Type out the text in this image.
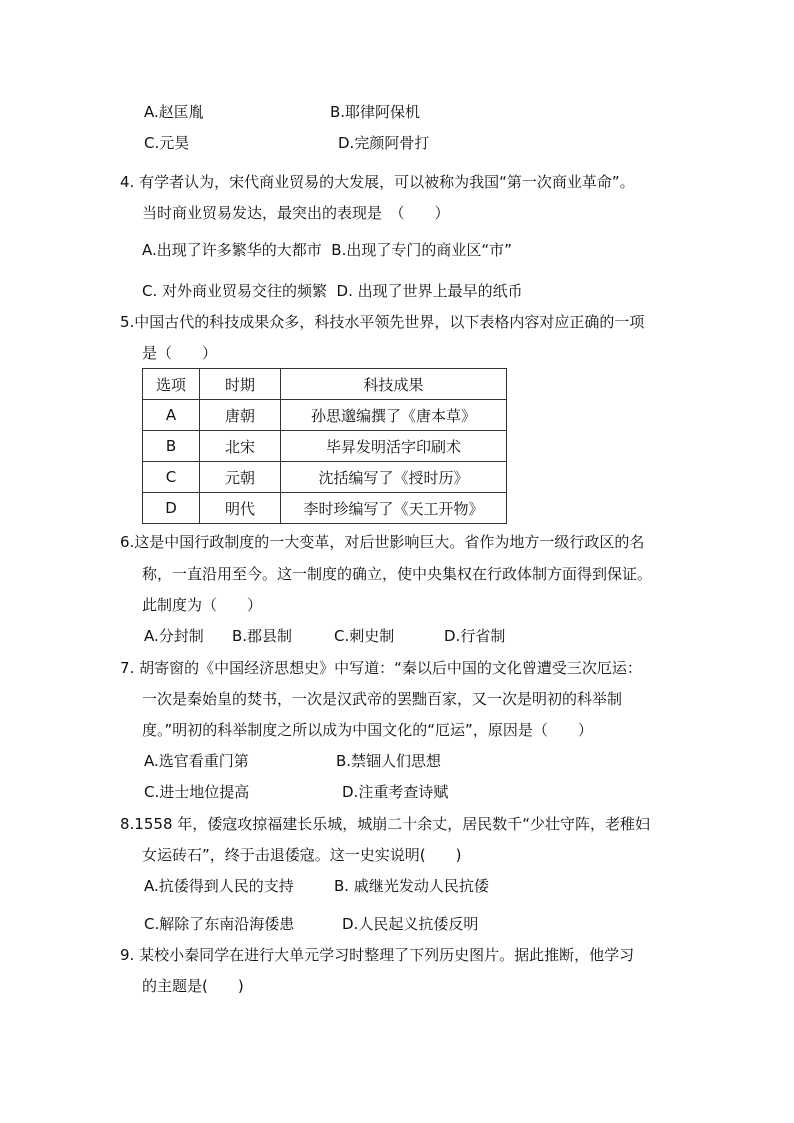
A.赵匡胤	B.耶律阿保机
C.元昊	D.完颜阿骨打
4. 有学者认为，宋代商业贸易的大发展，可以被称为我国“第一次商业革命”。
当时商业贸易发达，最突出的表现是　（　　）
A.出现了许多繁华的大都市  B.出现了专门的商业区“市”
C. 对外商业贸易交往的频繁  D. 出现了世界上最早的纸币
5.中国古代的科技成果众多，科技水平领先世界，以下表格内容对应正确的一项
是（　　）
选项	时期	科技成果
A	唐朝	孙思邈编撰了《唐本草》
B	北宋	毕昇发明活字印刷术
C	元朝	沈括编写了《授时历》
D	明代	李时珍编写了《天工开物》
6.这是中国行政制度的一大变革，对后世影响巨大。省作为地方一级行政区的名
称，一直沿用至今。这一制度的确立，使中央集权在行政体制方面得到保证。
此制度为（　　）
A.分封制 B.郡县制	C.刺史制	D.行省制
7. 胡寄窗的《中国经济思想史》中写道：“秦以后中国的文化曾遭受三次厄运：
一次是秦始皇的焚书，一次是汉武帝的罢黜百家，又一次是明初的科举制
度。”明初的科举制度之所以成为中国文化的“厄运”，原因是（　　）
A.选官看重门第	B.禁锢人们思想
C.进士地位提高	D.注重考查诗赋
8.1558 年，倭寇攻掠福建长乐城，城崩二十余丈，居民数千“少壮守阵，老稚妇
女运砖石”，终于击退倭寇。这一史实说明(　　)
A.抗倭得到人民的支持	B. 戚继光发动人民抗倭
C.解除了东南沿海倭患	D.人民起义抗倭反明
9. 某校小秦同学在进行大单元学习时整理了下列历史图片。据此推断，他学习
的主题是(　　)
